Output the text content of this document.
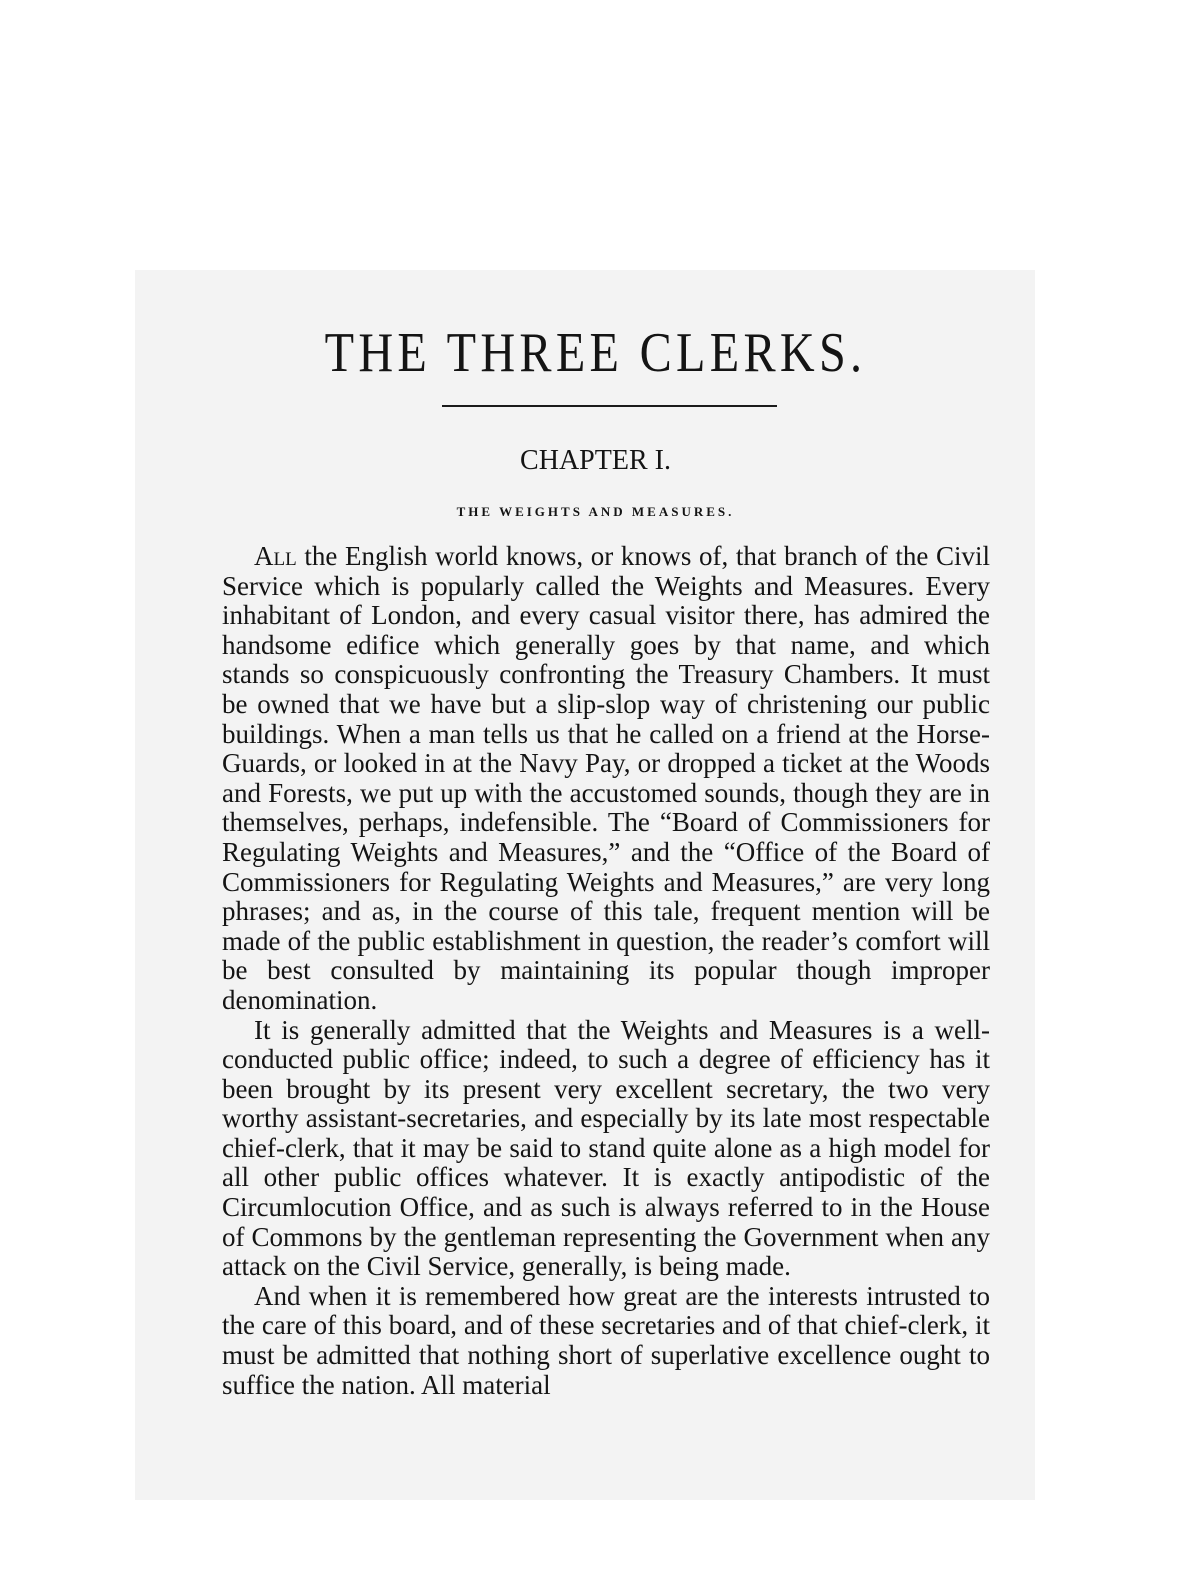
THE THREE CLERKS.
CHAPTER I.
THE WEIGHTS AND MEASURES.

All the English world knows, or knows of, that branch of the Civil Service which is popularly called the Weights and Measures. Every inhabitant of London, and every casual visitor there, has admired the handsome edifice which generally goes by that name, and which stands so conspicuously confronting the Treasury Chambers. It must be owned that we have but a slip-slop way of christening our public buildings. When a man tells us that he called on a friend at the Horse-Guards, or looked in at the Navy Pay, or dropped a ticket at the Woods and Forests, we put up with the accustomed sounds, though they are in themselves, perhaps, indefensible. The “Board of Commissioners for Regulating Weights and Measures,” and the “Office of the Board of Commissioners for Regulating Weights and Measures,” are very long phrases; and as, in the course of this tale, frequent mention will be made of the public establishment in question, the reader’s comfort will be best consulted by maintaining its popular though improper denomination.

It is generally admitted that the Weights and Measures is a well-conducted public office; indeed, to such a degree of efficiency has it been brought by its present very excellent secretary, the two very worthy assistant-secretaries, and especially by its late most respectable chief-clerk, that it may be said to stand quite alone as a high model for all other public offices whatever. It is exactly antipodistic of the Circumlocution Office, and as such is always referred to in the House of Commons by the gentleman representing the Government when any attack on the Civil Service, generally, is being made.

And when it is remembered how great are the interests intrusted to the care of this board, and of these secretaries and of that chief-clerk, it must be admitted that nothing short of superlative excellence ought to suffice the nation. All material
